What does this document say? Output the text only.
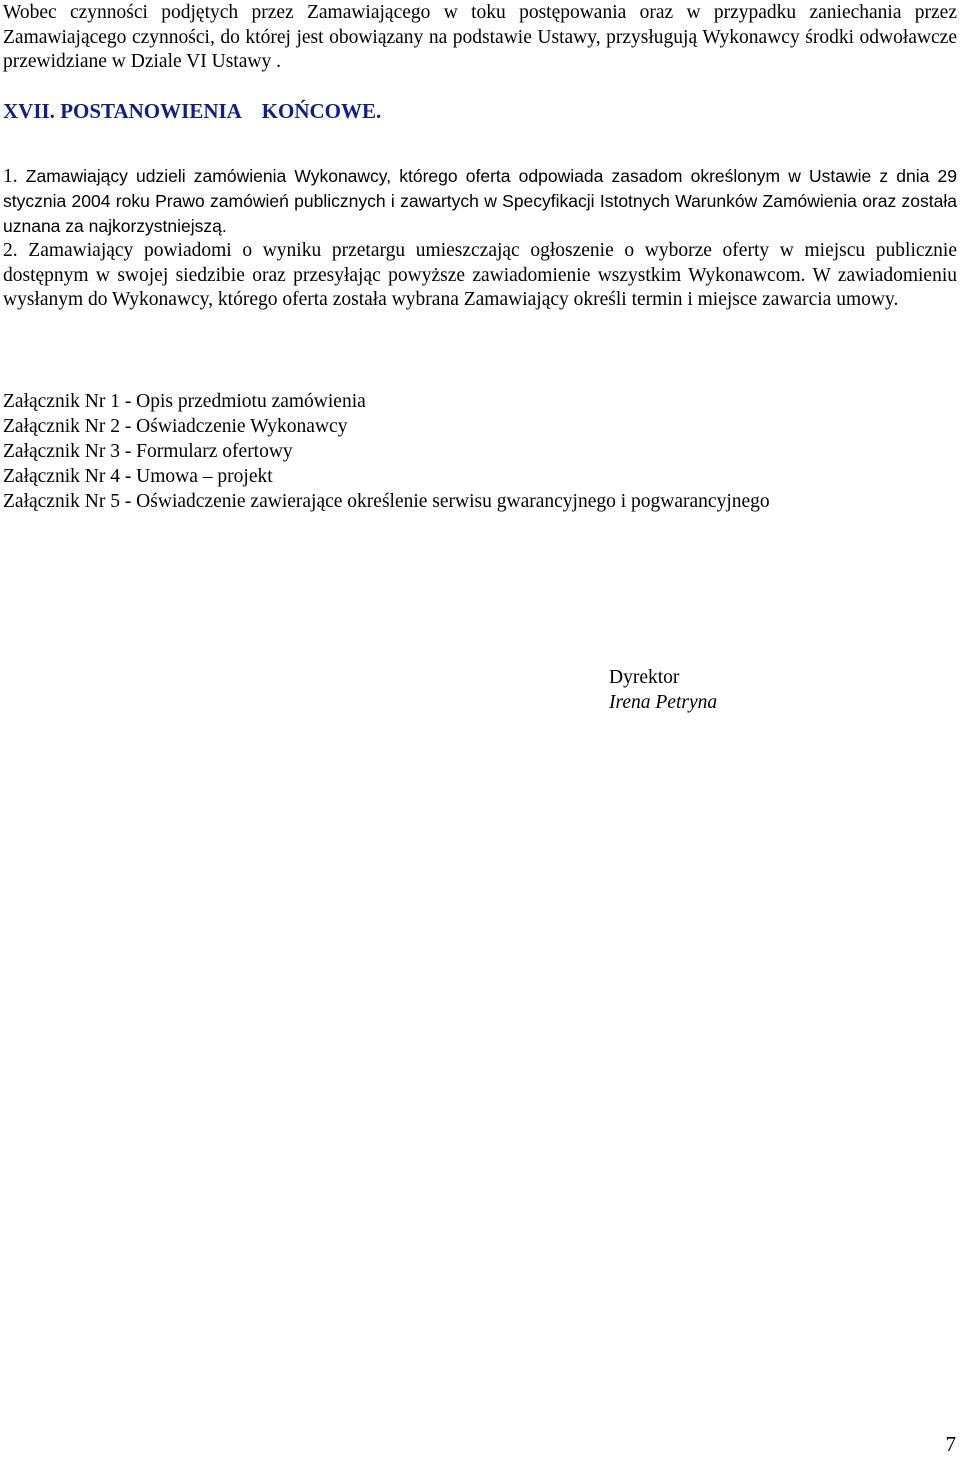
Wobec czynności podjętych przez Zamawiającego w toku postępowania oraz w przypadku zaniechania przez Zamawiającego czynności, do której jest obowiązany na podstawie Ustawy, przysługują Wykonawcy środki odwoławcze przewidziane w Dziale VI Ustawy .

XVII. POSTANOWIENIA    KOŃCOWE.

1. Zamawiający udzieli zamówienia Wykonawcy, którego oferta odpowiada zasadom określonym w Ustawie z dnia 29 stycznia 2004 roku Prawo zamówień publicznych i zawartych w Specyfikacji Istotnych Warunków Zamówienia oraz została uznana za najkorzystniejszą.

2. Zamawiający powiadomi o wyniku przetargu umieszczając ogłoszenie o wyborze oferty w miejscu publicznie dostępnym w swojej siedzibie oraz przesyłając powyższe zawiadomienie wszystkim Wykonawcom. W zawiadomieniu wysłanym do Wykonawcy, którego oferta została wybrana Zamawiający określi termin i miejsce zawarcia umowy.

Załącznik Nr 1 - Opis przedmiotu zamówienia
Załącznik Nr 2 - Oświadczenie Wykonawcy
Załącznik Nr 3 - Formularz ofertowy
Załącznik Nr 4 - Umowa – projekt
Załącznik Nr 5 - Oświadczenie zawierające określenie serwisu gwarancyjnego i pogwarancyjnego
Dyrektor
Irena Petryna
7
